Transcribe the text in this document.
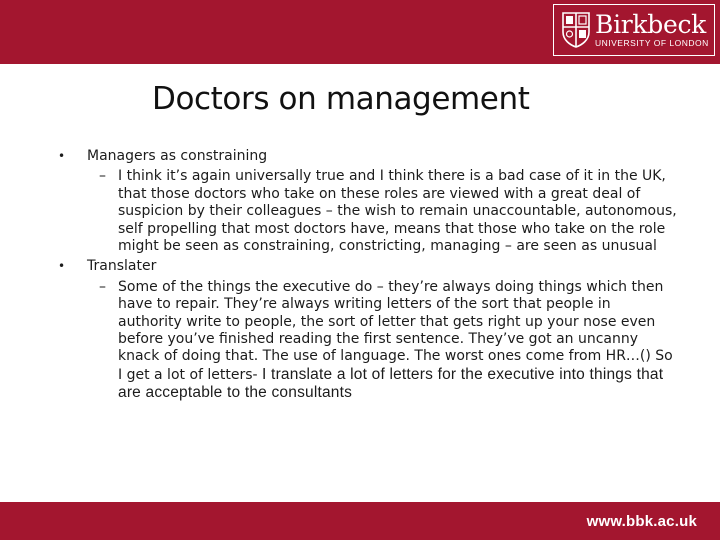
Birkbeck
UNIVERSITY OF LONDON
Doctors on management

• Managers as constraining

– I think it’s again universally true and I think there is a bad case of it in the UK, that those doctors who take on these roles are viewed with a great deal of suspicion by their colleagues – the wish to remain unaccountable, autonomous, self propelling that most doctors have, means that those who take on the role might be seen as constraining, constricting, managing – are seen as unusual

• Translater

– Some of the things the executive do – they’re always doing things which then have to repair. They’re always writing letters of the sort that people in authority write to people, the sort of letter that gets right up your nose even before you’ve finished reading the first sentence. They’ve got an uncanny knack of doing that. The use of language. The worst ones come from HR…() So I get a lot of letters- I translate a lot of letters for the executive into things that are acceptable to the consultants

www.bbk.ac.uk
